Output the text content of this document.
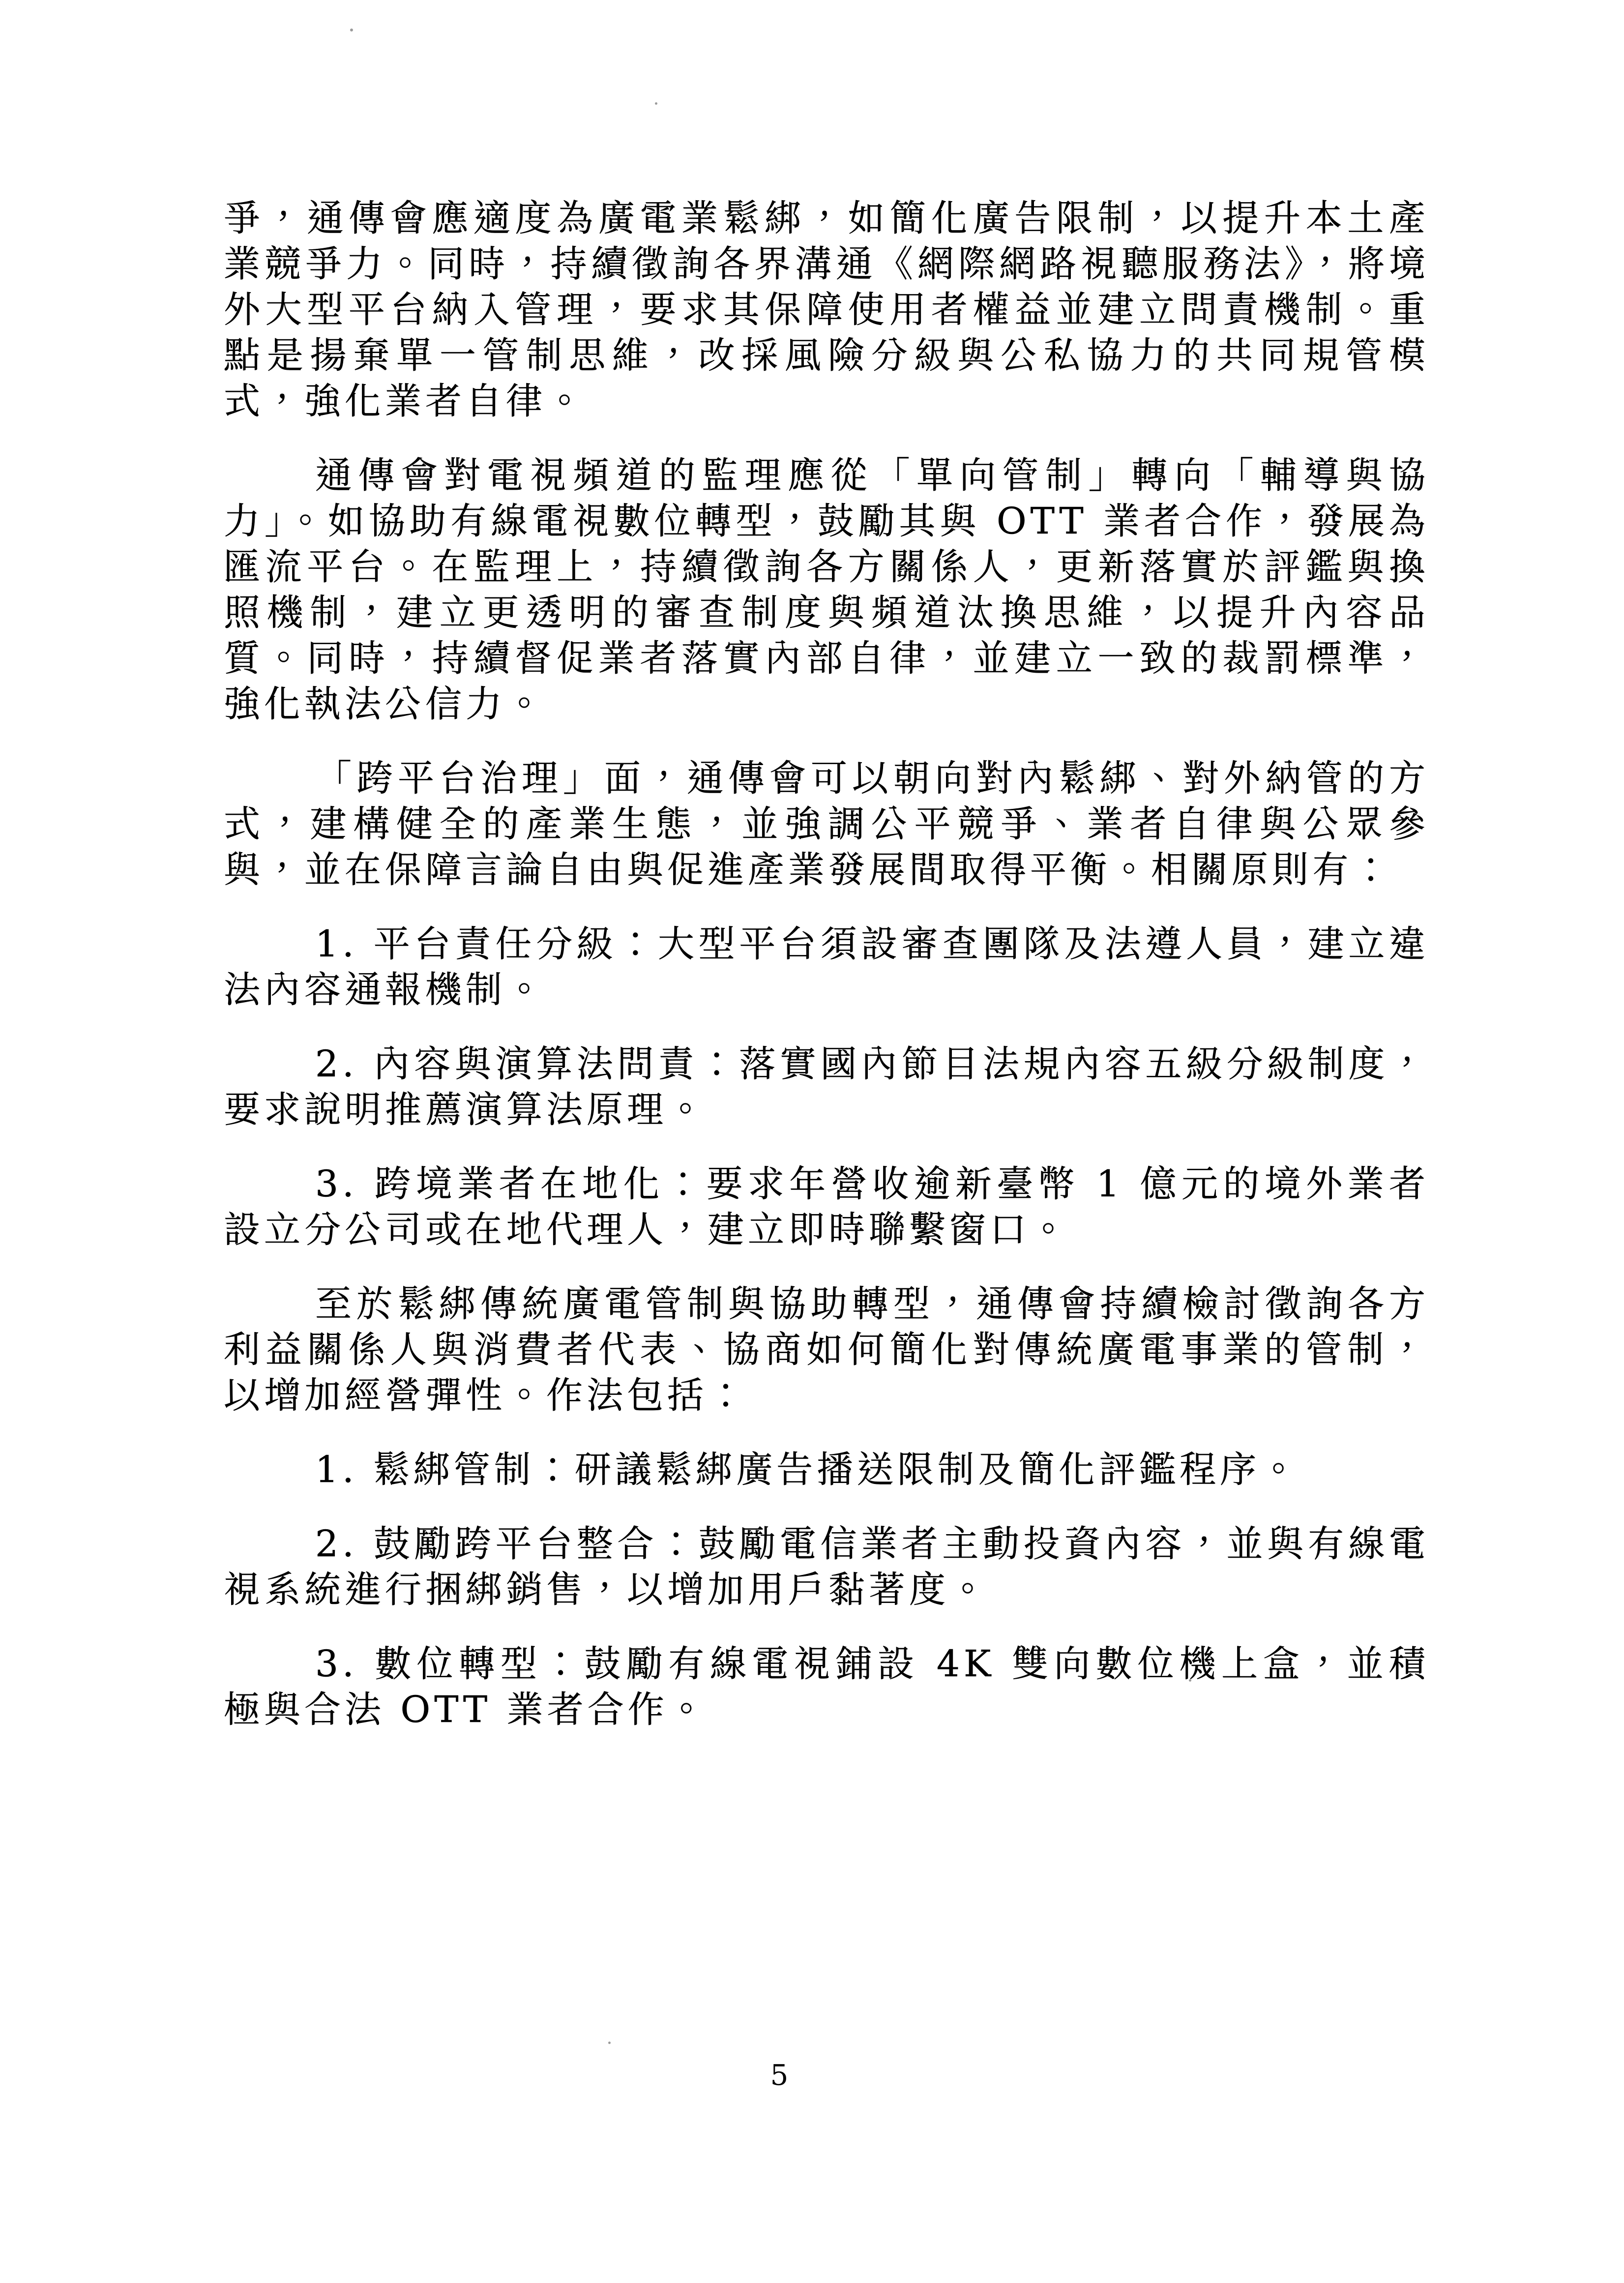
爭，通傳會應適度為廣電業鬆綁，如簡化廣告限制，以提升本土產業競爭力。同時，持續徵詢各界溝通《網際網路視聽服務法》，將境外大型平台納入管理，要求其保障使用者權益並建立問責機制。重點是揚棄單一管制思維，改採風險分級與公私協力的共同規管模式，強化業者自律。

通傳會對電視頻道的監理應從「單向管制」轉向「輔導與協力」。如協助有線電視數位轉型，鼓勵其與 OTT 業者合作，發展為匯流平台。在監理上，持續徵詢各方關係人，更新落實於評鑑與換照機制，建立更透明的審查制度與頻道汰換思維，以提升內容品質。同時，持續督促業者落實內部自律，並建立一致的裁罰標準，強化執法公信力。

「跨平台治理」面，通傳會可以朝向對內鬆綁、對外納管的方式，建構健全的產業生態，並強調公平競爭、業者自律與公眾參與，並在保障言論自由與促進產業發展間取得平衡。相關原則有：

1. 平台責任分級：大型平台須設審查團隊及法遵人員，建立違法內容通報機制。

2. 內容與演算法問責：落實國內節目法規內容五級分級制度，要求說明推薦演算法原理。

3. 跨境業者在地化：要求年營收逾新臺幣 1 億元的境外業者設立分公司或在地代理人，建立即時聯繫窗口。

至於鬆綁傳統廣電管制與協助轉型，通傳會持續檢討徵詢各方利益關係人與消費者代表、協商如何簡化對傳統廣電事業的管制，以增加經營彈性。作法包括：

1. 鬆綁管制：研議鬆綁廣告播送限制及簡化評鑑程序。

2. 鼓勵跨平台整合：鼓勵電信業者主動投資內容，並與有線電視系統進行捆綁銷售，以增加用戶黏著度。

3. 數位轉型：鼓勵有線電視鋪設 4K 雙向數位機上盒，並積極與合法 OTT 業者合作。

5
